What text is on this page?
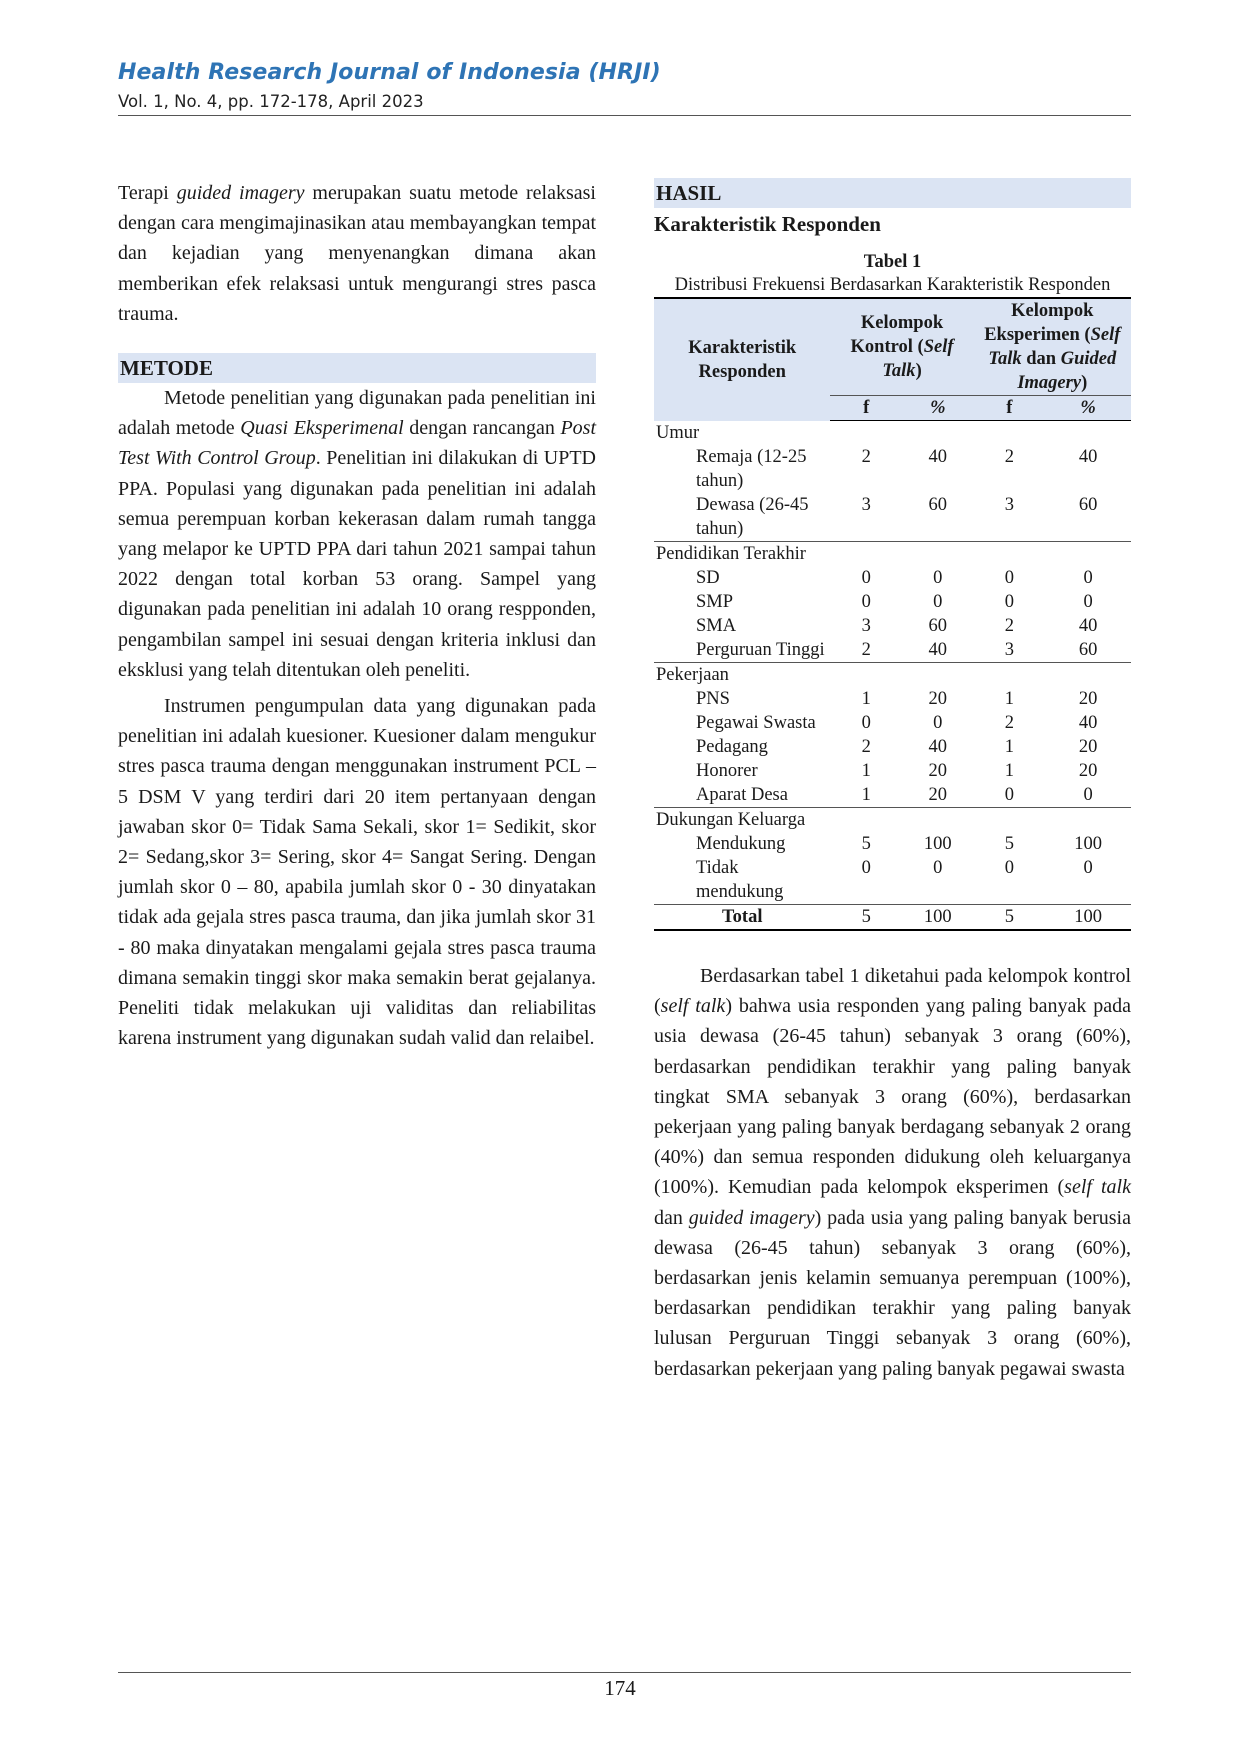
Health Research Journal of Indonesia (HRJI)
Vol. 1, No. 4, pp. 172-178, April 2023

Terapi guided imagery merupakan suatu metode relaksasi dengan cara mengimajinasikan atau membayangkan tempat dan kejadian yang menyenangkan dimana akan memberikan efek relaksasi untuk mengurangi stres pasca trauma.

METODE

Metode penelitian yang digunakan pada penelitian ini adalah metode Quasi Eksperimenal dengan rancangan Post Test With Control Group. Penelitian ini dilakukan di UPTD PPA. Populasi yang digunakan pada penelitian ini adalah semua perempuan korban kekerasan dalam rumah tangga yang melapor ke UPTD PPA dari tahun 2021 sampai tahun 2022 dengan total korban 53 orang. Sampel yang digunakan pada penelitian ini adalah 10 orang respponden, pengambilan sampel ini sesuai dengan kriteria inklusi dan eksklusi yang telah ditentukan oleh peneliti.

Instrumen pengumpulan data yang digunakan pada penelitian ini adalah kuesioner. Kuesioner dalam mengukur stres pasca trauma dengan menggunakan instrument PCL – 5 DSM V yang terdiri dari 20 item pertanyaan dengan jawaban skor 0= Tidak Sama Sekali, skor 1= Sedikit, skor 2= Sedang,skor 3= Sering, skor 4= Sangat Sering. Dengan jumlah skor 0 – 80, apabila jumlah skor 0 - 30 dinyatakan tidak ada gejala stres pasca trauma, dan jika jumlah skor 31 - 80 maka dinyatakan mengalami gejala stres pasca trauma dimana semakin tinggi skor maka semakin berat gejalanya. Peneliti tidak melakukan uji validitas dan reliabilitas karena instrument yang digunakan sudah valid dan relaibel.

HASIL
Karakteristik Responden
Tabel 1
Distribusi Frekuensi Berdasarkan Karakteristik Responden
Karakteristik Responden	Kelompok Kontrol (Self Talk)		Kelompok Eksperimen (Self Talk dan Guided Imagery)	
	f	%	f	%
Umur				
Remaja (12-25 tahun)	2	40	2	40
Dewasa (26-45 tahun)	3	60	3	60
Pendidikan Terakhir				
SD	0	0	0	0
SMP	0	0	0	0
SMA	3	60	2	40
Perguruan Tinggi	2	40	3	60
Pekerjaan				
PNS	1	20	1	20
Pegawai Swasta	0	0	2	40
Pedagang	2	40	1	20
Honorer	1	20	1	20
Aparat Desa	1	20	0	0
Dukungan Keluarga				
Mendukung	5	100	5	100
Tidak mendukung	0	0	0	0
Total	5	100	5	100

Berdasarkan tabel 1 diketahui pada kelompok kontrol (self talk) bahwa usia responden yang paling banyak pada usia dewasa (26-45 tahun) sebanyak 3 orang (60%), berdasarkan pendidikan terakhir yang paling banyak tingkat SMA sebanyak 3 orang (60%), berdasarkan pekerjaan yang paling banyak berdagang sebanyak 2 orang (40%) dan semua responden didukung oleh keluarganya (100%). Kemudian pada kelompok eksperimen (self talk dan guided imagery) pada usia yang paling banyak berusia dewasa (26-45 tahun) sebanyak 3 orang (60%), berdasarkan jenis kelamin semuanya perempuan (100%), berdasarkan pendidikan terakhir yang paling banyak lulusan Perguruan Tinggi sebanyak 3 orang (60%), berdasarkan pekerjaan yang paling banyak pegawai swasta

174
